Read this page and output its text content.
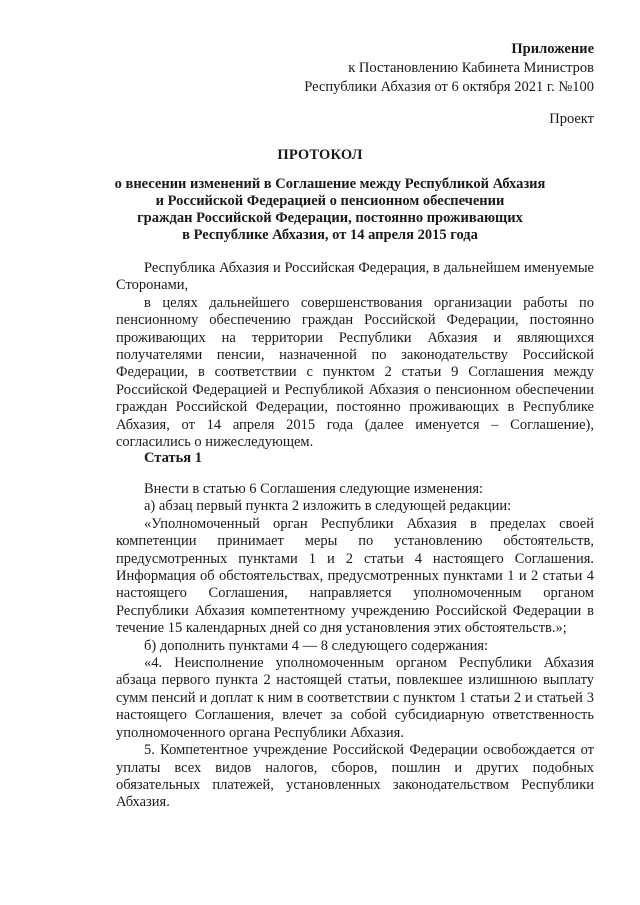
Приложение
к Постановлению Кабинета Министров
Республики Абхазия от 6 октября 2021 г. №100
Проект
ПРОТОКОЛ
о внесении изменений в Соглашение между Республикой Абхазия
и Российской Федерацией о пенсионном обеспечении
граждан Российской Федерации, постоянно проживающих
в Республике Абхазия, от 14 апреля 2015 года

Республика Абхазия и Российская Федерация, в дальнейшем именуемые Сторонами,

в целях дальнейшего совершенствования организации работы по пенсионному обеспечению граждан Российской Федерации, постоянно проживающих на территории Республики Абхазия и являющихся получателями пенсии, назначенной по законодательству Российской Федерации, в соответствии с пунктом 2 статьи 9 Соглашения между Российской Федерацией и Республикой Абхазия о пенсионном обеспечении граждан Российской Федерации, постоянно проживающих в Республике Абхазия, от 14 апреля 2015 года (далее именуется – Соглашение), согласились о нижеследующем.

Статья 1

Внести в статью 6 Соглашения следующие изменения:

а) абзац первый пункта 2 изложить в следующей редакции:

«Уполномоченный орган Республики Абхазия в пределах своей компетенции принимает меры по установлению обстоятельств, предусмотренных пунктами 1 и 2 статьи 4 настоящего Соглашения. Информация об обстоятельствах, предусмотренных пунктами 1 и 2 статьи 4 настоящего Соглашения, направляется уполномоченным органом Республики Абхазия компетентному учреждению Российской Федерации в течение 15 календарных дней со дня установления этих обстоятельств.»;

б) дополнить пунктами 4 — 8 следующего содержания:

«4. Неисполнение уполномоченным органом Республики Абхазия абзаца первого пункта 2 настоящей статьи, повлекшее излишнюю выплату сумм пенсий и доплат к ним в соответствии с пунктом 1 статьи 2 и статьей 3 настоящего Соглашения, влечет за собой субсидиарную ответственность уполномоченного органа Республики Абхазия.

5. Компетентное учреждение Российской Федерации освобождается от уплаты всех видов налогов, сборов, пошлин и других подобных обязательных платежей, установленных законодательством Республики Абхазия.
